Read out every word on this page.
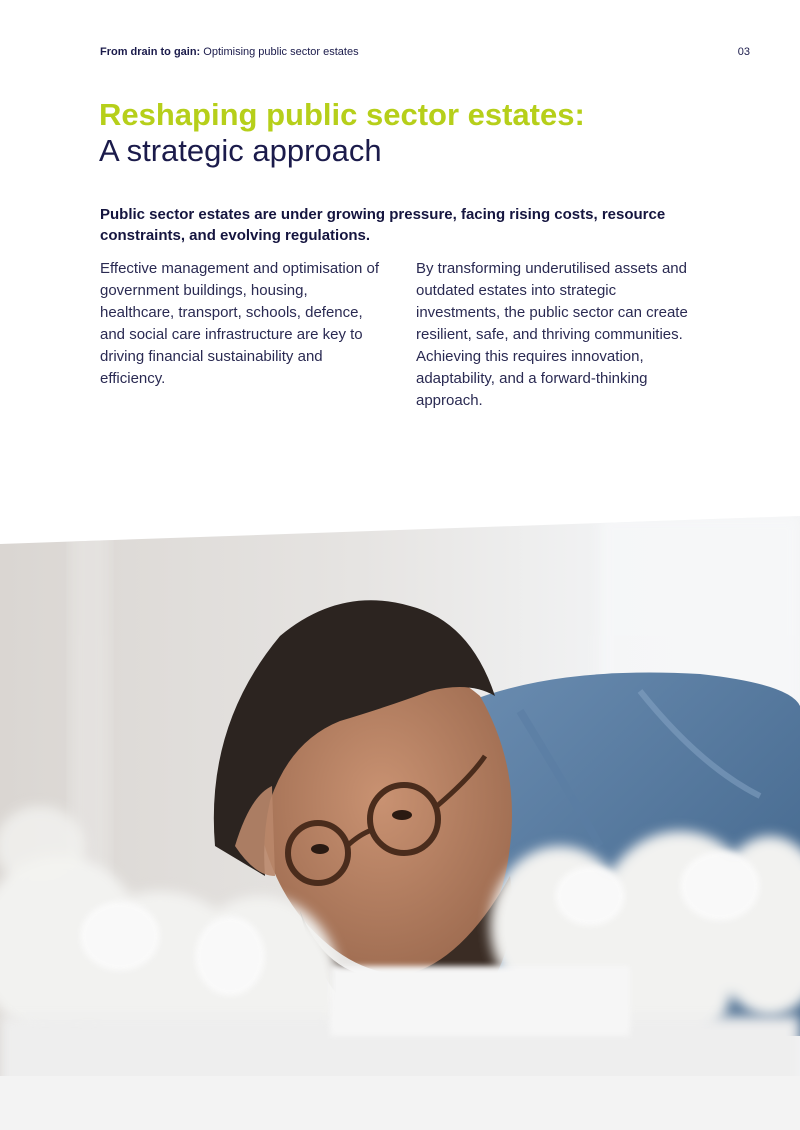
From drain to gain: Optimising public sector estates	03
Reshaping public sector estates:
A strategic approach

Public sector estates are under growing pressure, facing rising costs, resource constraints, and evolving regulations.

Effective management and optimisation of government buildings, housing, healthcare, transport, schools, defence, and social care infrastructure are key to driving financial sustainability and efficiency.

By transforming underutilised assets and outdated estates into strategic investments, the public sector can create resilient, safe, and thriving communities. Achieving this requires innovation, adaptability, and a forward-thinking approach.
